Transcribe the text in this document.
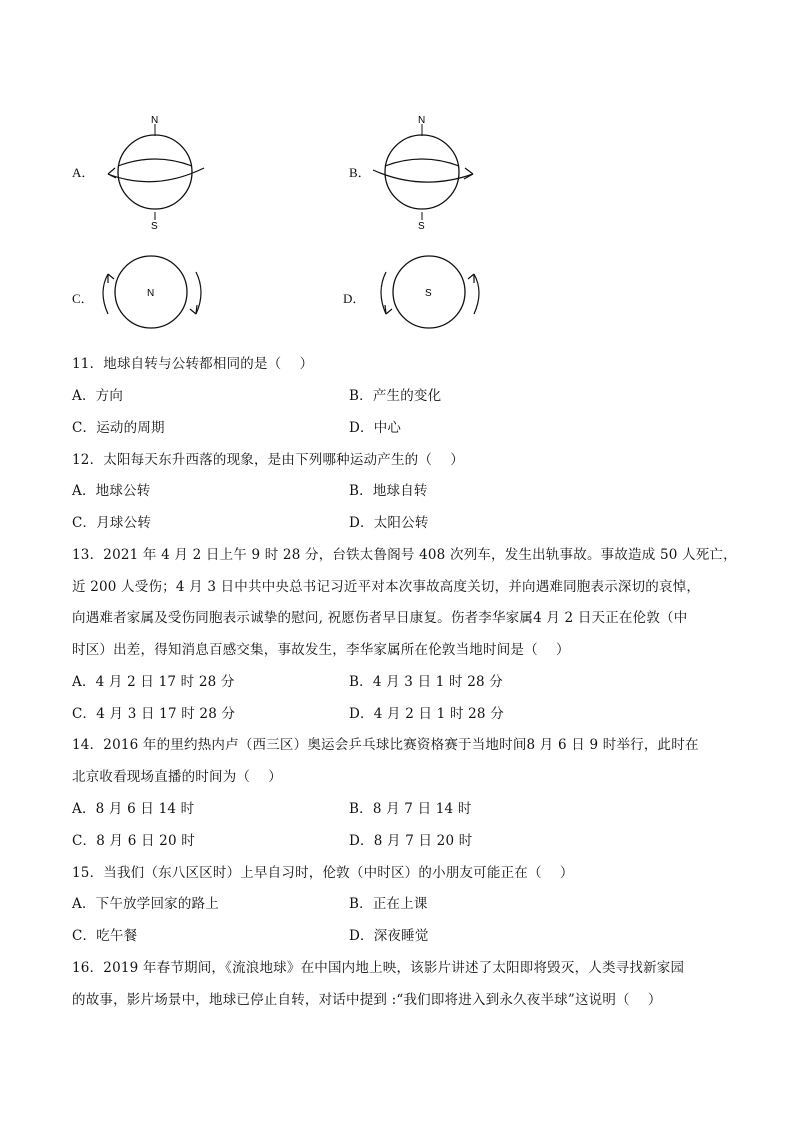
A．
N
S
B．
N
S
C．	N	D．	S
11．地球自转与公转都相同的是（　 ）
A．方向	B．产生的变化
C．运动的周期	D．中心
12．太阳每天东升西落的现象，是由下列哪种运动产生的（　 ）
A．地球公转	B．地球自转
C．月球公转	D．太阳公转
13．2021 年 4 月 2 日上午 9 时 28 分，台铁太鲁阁号 408 次列车，发生出轨事故。事故造成 50 人死亡，
近 200 人受伤；4 月 3 日中共中央总书记习近平对本次事故高度关切，并向遇难同胞表示深切的哀悼，
向遇难者家属及受伤同胞表示诚挚的慰问, 祝愿伤者早日康复。伤者李华家属4 月 2 日天正在伦敦（中
时区）出差，得知消息百感交集，事故发生，李华家属所在伦敦当地时间是（　 ）
A．4 月 2 日 17 时 28 分	B．4 月 3 日 1 时 28 分
C．4 月 3 日 17 时 28 分	D．4 月 2 日 1 时 28 分
14．2016 年的里约热内卢（西三区）奥运会乒乓球比赛资格赛于当地时间8 月 6 日 9 时举行，此时在
北京收看现场直播的时间为（　 ）
A．8 月 6 日 14 时	B．8 月 7 日 14 时
C．8 月 6 日 20 时	D．8 月 7 日 20 时
15．当我们（东八区区时）上早自习时，伦敦（中时区）的小朋友可能正在（　 ）
A．下午放学回家的路上	B．正在上课
C．吃午餐	D．深夜睡觉
16．2019 年春节期间，《流浪地球》在中国内地上映，该影片讲述了太阳即将毁灭，人类寻找新家园
的故事，影片场景中，地球已停止自转，对话中提到 :“我们即将进入到永久夜半球”这说明（　 ）
